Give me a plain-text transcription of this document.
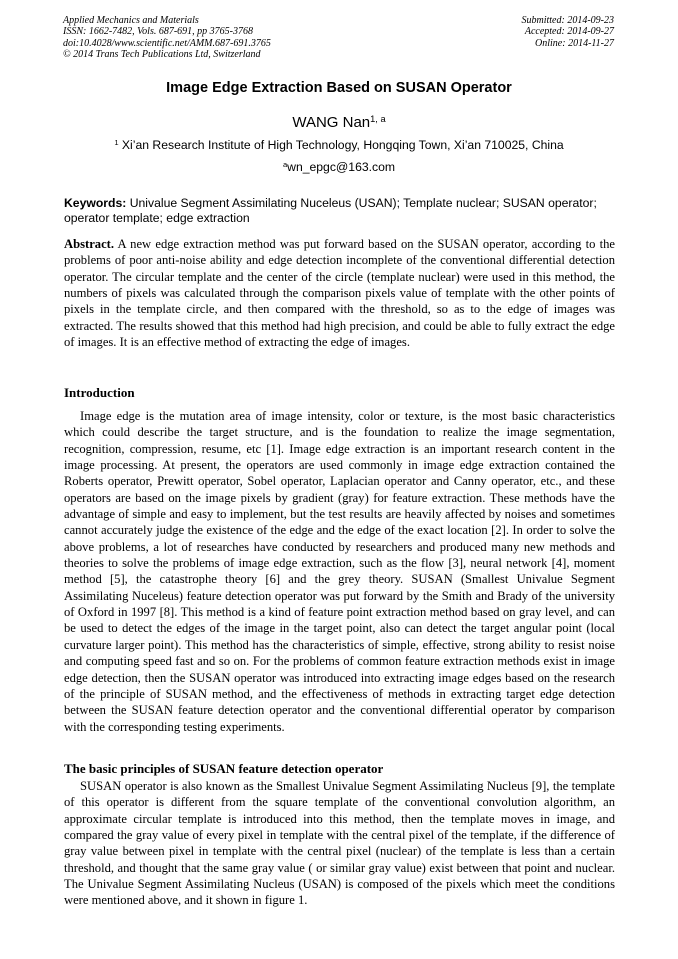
Applied Mechanics and Materials
ISSN: 1662-7482, Vols. 687-691, pp 3765-3768
doi:10.4028/www.scientific.net/AMM.687-691.3765
© 2014 Trans Tech Publications Ltd, Switzerland
Submitted: 2014-09-23
Accepted: 2014-09-27
Online: 2014-11-27
Image Edge Extraction Based on SUSAN Operator
WANG Nan$^{1, a}$
$^1$ Xi’an Research Institute of High Technology, Hongqing Town, Xi’an 710025, China
$^a$wn_epgc@163.com
Keywords: Univalue Segment Assimilating Nuceleus (USAN); Template nuclear; SUSAN operator; operator template; edge extraction
Abstract. A new edge extraction method was put forward based on the SUSAN operator, according to the problems of poor anti-noise ability and edge detection incomplete of the conventional differential detection operator. The circular template and the center of the circle (template nuclear) were used in this method, the numbers of pixels was calculated through the comparison pixels value of template with the other points of pixels in the template circle, and then compared with the threshold, so as to the edge of images was extracted. The results showed that this method had high precision, and could be able to fully extract the edge of images. It is an effective method of extracting the edge of images.
Introduction
Image edge is the mutation area of image intensity, color or texture, is the most basic characteristics which could describe the target structure, and is the foundation to realize the image segmentation, recognition, compression, resume, etc [1]. Image edge extraction is an important research content in the image processing. At present, the operators are used commonly in image edge extraction contained the Roberts operator, Prewitt operator, Sobel operator, Laplacian operator and Canny operator, etc., and these operators are based on the image pixels by gradient (gray) for feature extraction. These methods have the advantage of simple and easy to implement, but the test results are heavily affected by noises and sometimes cannot accurately judge the existence of the edge and the edge of the exact location [2]. In order to solve the above problems, a lot of researches have conducted by researchers and produced many new methods and theories to solve the problems of image edge extraction, such as the flow [3], neural network [4], moment method [5], the catastrophe theory [6] and the grey theory. SUSAN (Smallest Univalue Segment Assimilating Nuceleus) feature detection operator was put forward by the Smith and Brady of the university of Oxford in 1997 [8]. This method is a kind of feature point extraction method based on gray level, and can be used to detect the edges of the image in the target point, also can detect the target angular point (local curvature larger point). This method has the characteristics of simple, effective, strong ability to resist noise and computing speed fast and so on. For the problems of common feature extraction methods exist in image edge detection, then the SUSAN operator was introduced into extracting image edges based on the research of the principle of SUSAN method, and the effectiveness of methods in extracting target edge detection between the SUSAN feature detection operator and the conventional differential operator by comparison with the corresponding testing experiments.
The basic principles of SUSAN feature detection operator
SUSAN operator is also known as the Smallest Univalue Segment Assimilating Nucleus [9], the template of this operator is different from the square template of the conventional convolution algorithm, an approximate circular template is introduced into this method, then the template moves in image, and compared the gray value of every pixel in template with the central pixel of the template, if the difference of gray value between pixel in template with the central pixel (nuclear) of the template is less than a certain threshold, and thought that the same gray value ( or similar gray value) exist between that point and nuclear. The Univalue Segment Assimilating Nucleus (USAN) is composed of the pixels which meet the conditions were mentioned above, and it shown in figure 1.
